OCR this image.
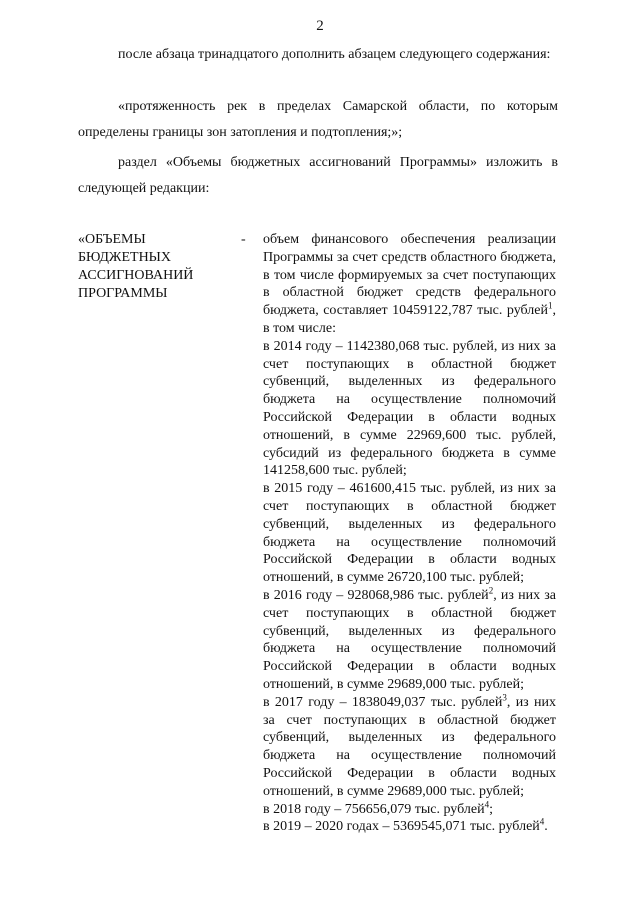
2

после абзаца тринадцатого дополнить абзацем следующего содержания:

«протяженность рек в пределах Самарской области, по которым определены границы зон затопления и подтопления;»;

раздел «Объемы бюджетных ассигнований Программы» изложить в следующей редакции:

«ОБЪЕМЫ
БЮДЖЕТНЫХ
АССИГНОВАНИЙ
ПРОГРАММЫ
- объем финансового обеспечения реализации Программы за счет средств областного бюджета, в том числе формируемых за счет поступающих в областной бюджет средств федерального бюджета, составляет 10459122,787 тыс. рублей$^1$, в том числе:

в 2014 году – 1142380,068 тыс. рублей, из них за счет поступающих в областной бюджет субвенций, выделенных из федерального бюджета на осуществление полномочий Российской Федерации в области водных отношений, в сумме 22969,600 тыс. рублей, субсидий из федерального бюджета в сумме 141258,600 тыс. рублей;

в 2015 году – 461600,415 тыс. рублей, из них за счет поступающих в областной бюджет субвенций, выделенных из федерального бюджета на осуществление полномочий Российской Федерации в области водных отношений, в сумме 26720,100 тыс. рублей;

в 2016 году – 928068,986 тыс. рублей$^2$, из них за счет поступающих в областной бюджет субвенций, выделенных из федерального бюджета на осуществление полномочий Российской Федерации в области водных отношений, в сумме 29689,000 тыс. рублей;

в 2017 году – 1838049,037 тыс. рублей$^3$, из них за счет поступающих в областной бюджет субвенций, выделенных из федерального бюджета на осуществление полномочий Российской Федерации в области водных отношений, в сумме 29689,000 тыс. рублей;

в 2018 году – 756656,079 тыс. рублей$^4$;

в 2019 – 2020 годах – 5369545,071 тыс. рублей$^4$.
